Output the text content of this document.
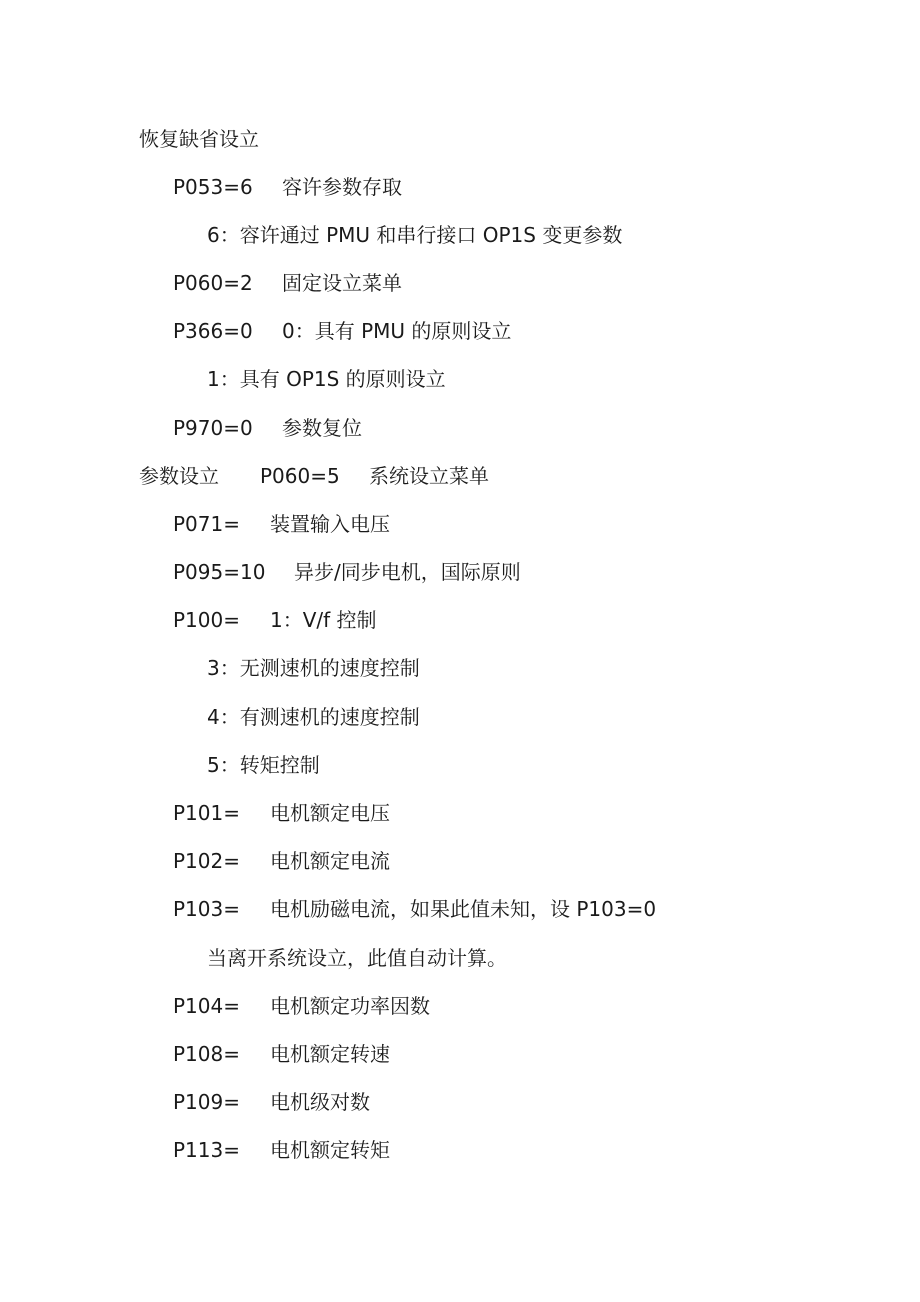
恢复缺省设立
P053=6 容许参数存取
6：容许通过 PMU 和串行接口 OP1S 变更参数
P060=2 固定设立菜单
P366=0 0：具有 PMU 的原则设立
1：具有 OP1S 的原则设立
P970=0 参数复位
参数设立 P060=5 系统设立菜单
P071= 装置输入电压
P095=10 异步/同步电机，国际原则
P100= 1：V/f 控制
3：无测速机的速度控制
4：有测速机的速度控制
5：转矩控制
P101= 电机额定电压
P102= 电机额定电流
P103= 电机励磁电流，如果此值未知，设 P103=0
当离开系统设立，此值自动计算。
P104= 电机额定功率因数
P108= 电机额定转速
P109= 电机级对数
P113= 电机额定转矩
